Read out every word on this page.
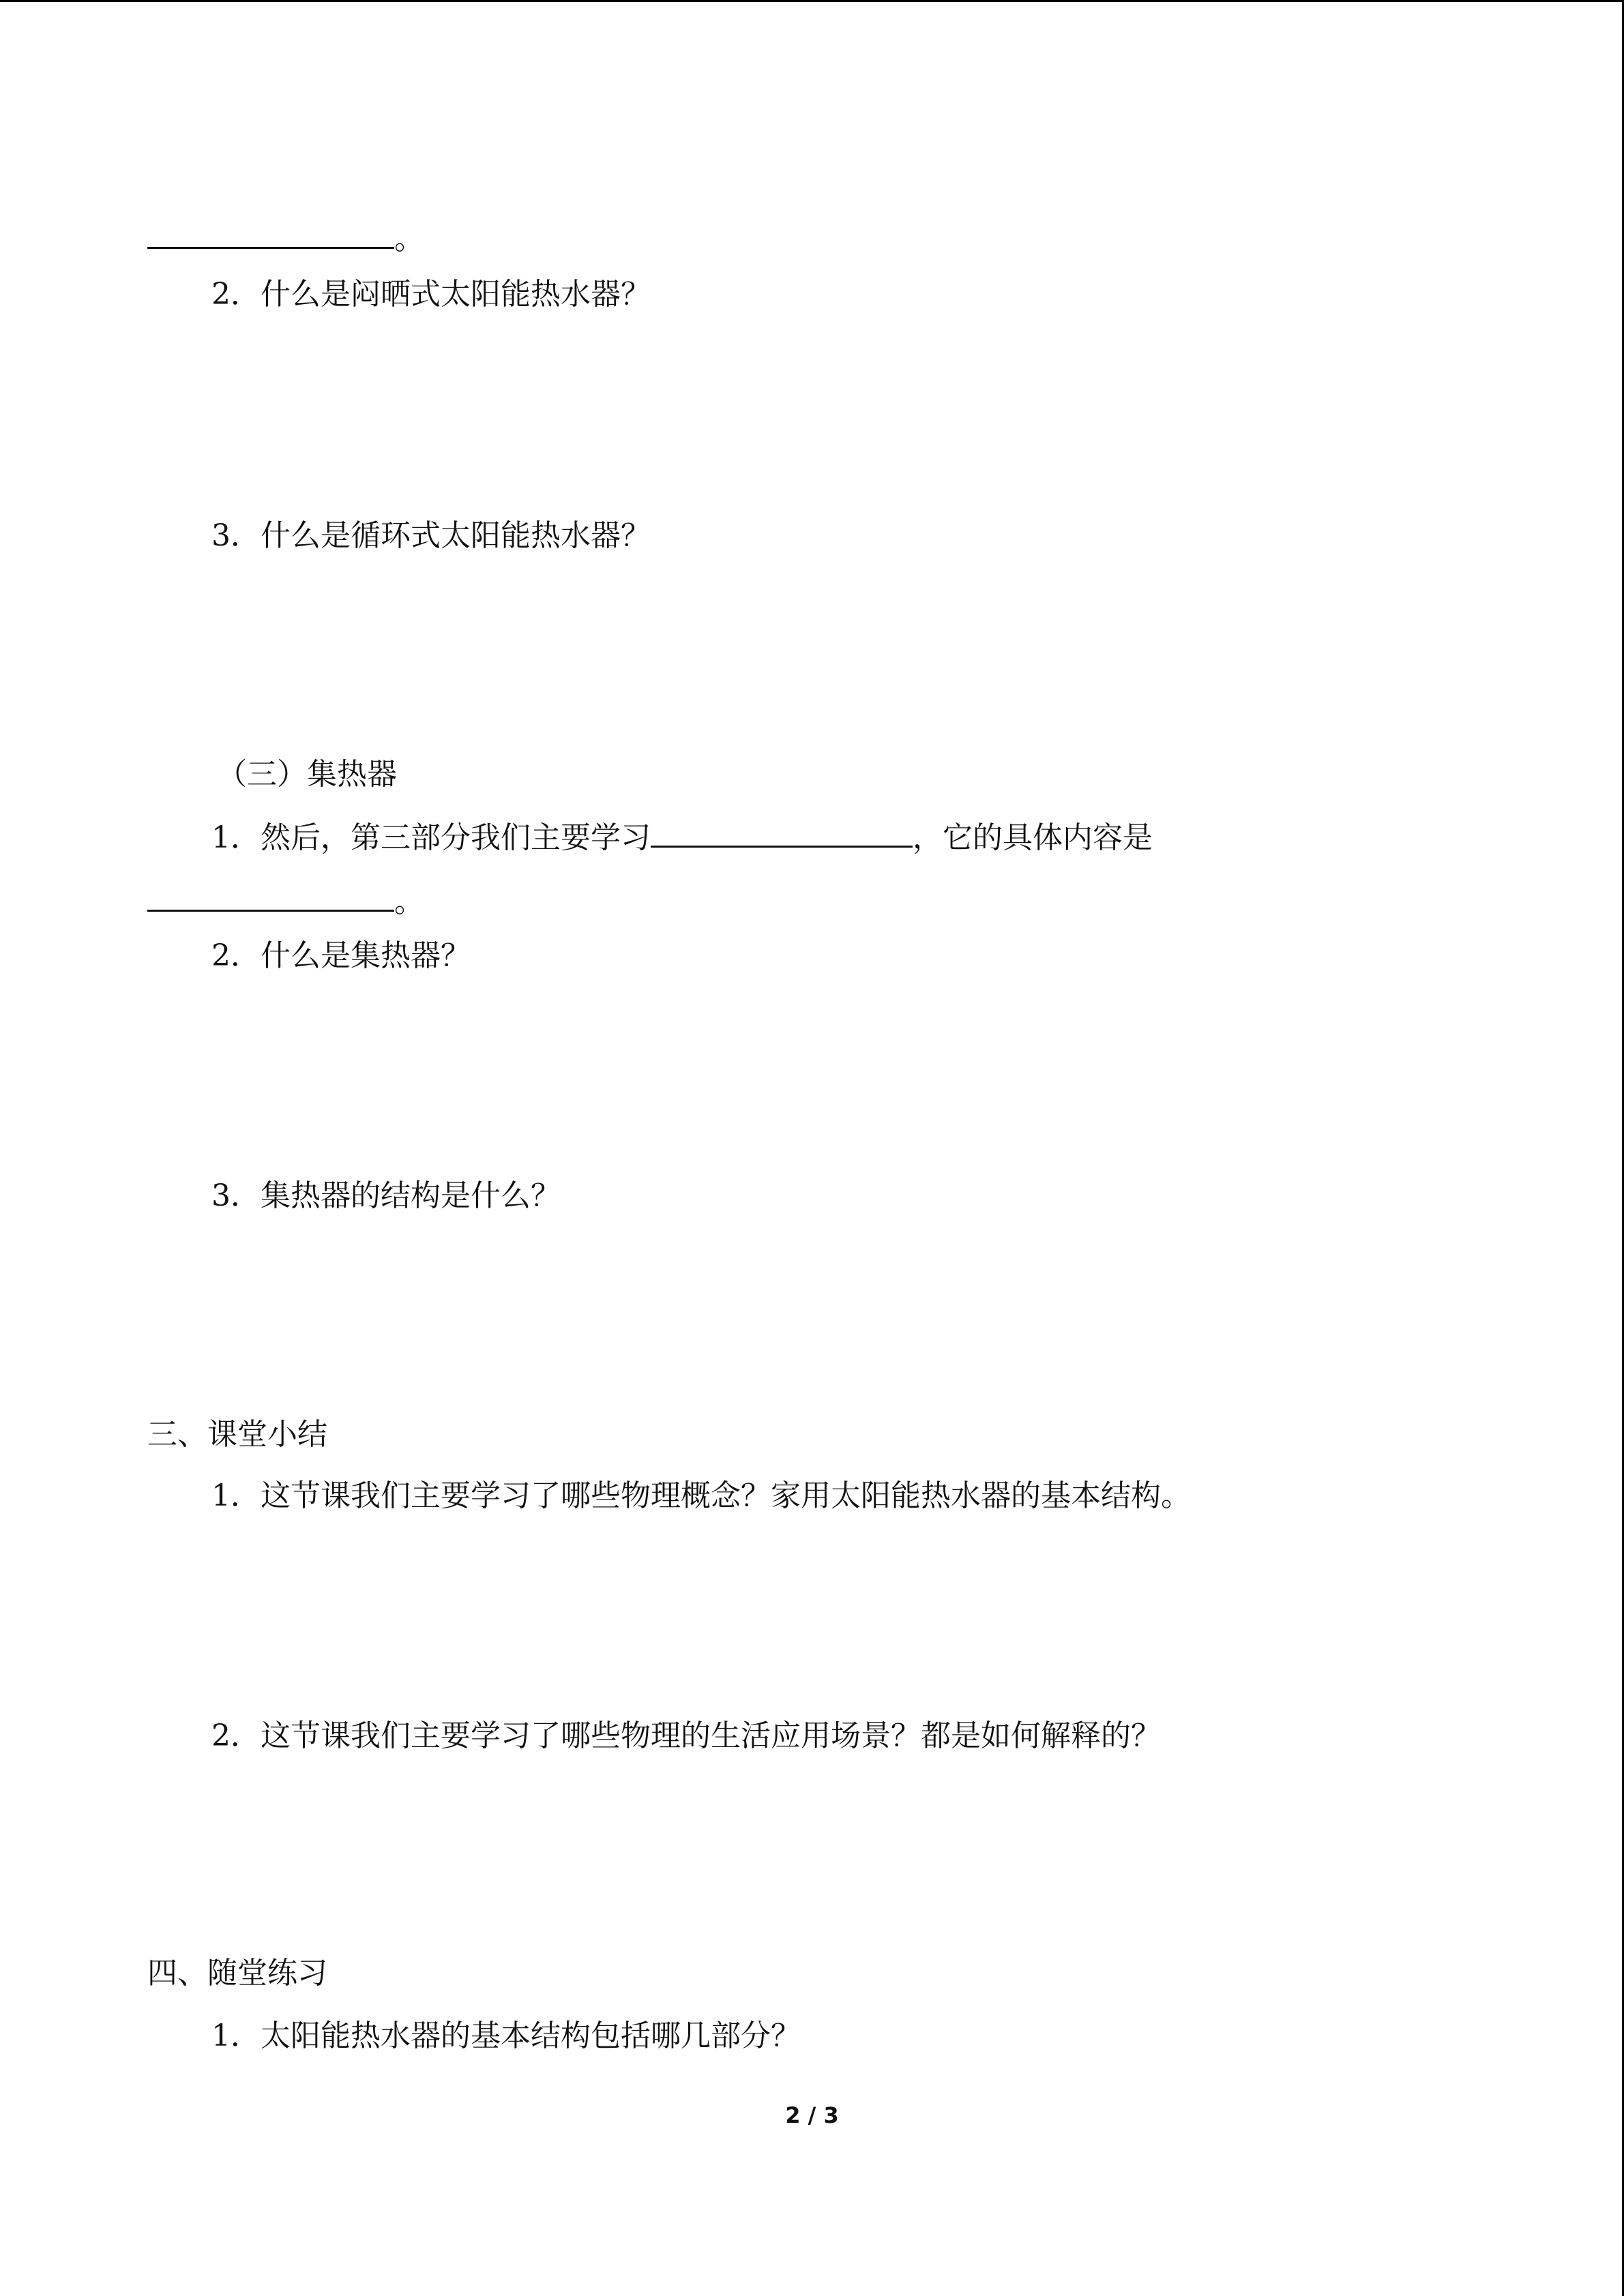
。
2．什么是闷晒式太阳能热水器？
3．什么是循环式太阳能热水器？
（三）集热器
1．然后，第三部分我们主要学习	，它的具体内容是
。
2．什么是集热器？
3．集热器的结构是什么？
三、课堂小结
1．这节课我们主要学习了哪些物理概念？家用太阳能热水器的基本结构。
2．这节课我们主要学习了哪些物理的生活应用场景？都是如何解释的？
四、随堂练习
1．太阳能热水器的基本结构包括哪几部分？
2 / 3
